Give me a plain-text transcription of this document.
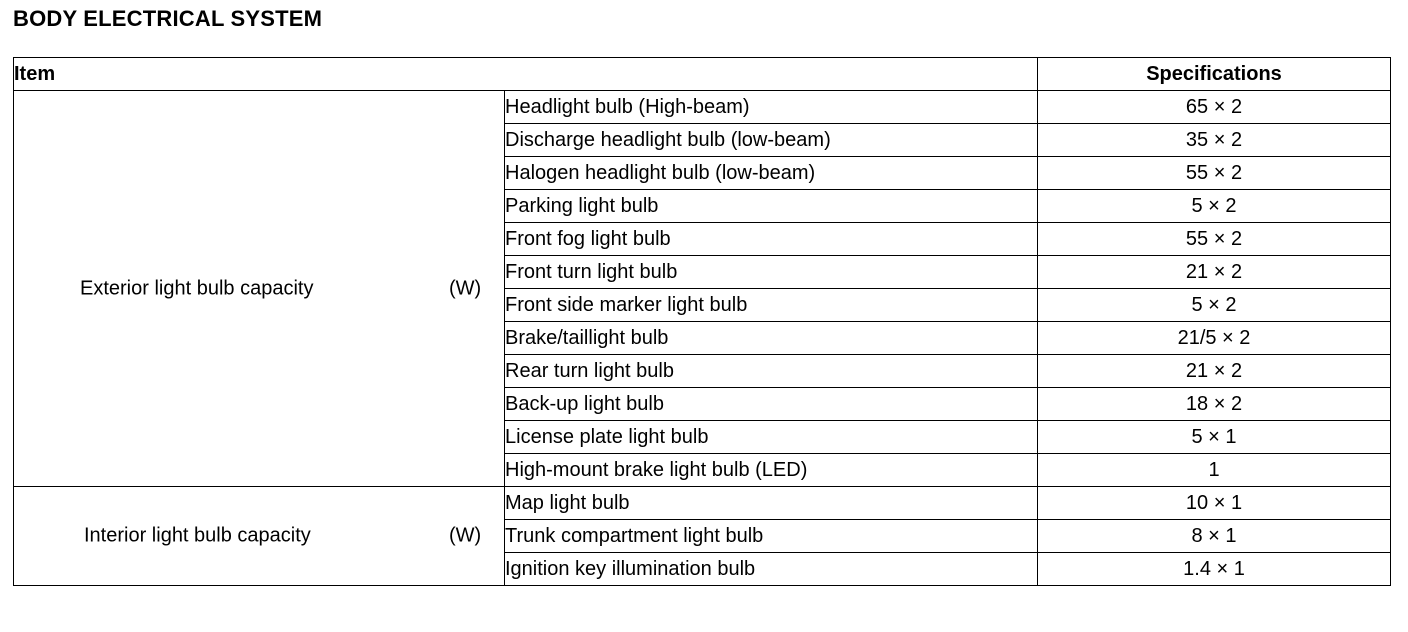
BODY ELECTRICAL SYSTEM
Item		Specifications

Exterior light bulb capacity (W)	Headlight bulb (High-beam)	65 × 2
	Discharge headlight bulb (low-beam)	35 × 2
	Halogen headlight bulb (low-beam)	55 × 2
	Parking light bulb	5 × 2
	Front fog light bulb	55 × 2
	Front turn light bulb	21 × 2
	Front side marker light bulb	5 × 2
	Brake/taillight bulb	21/5 × 2
	Rear turn light bulb	21 × 2
	Back-up light bulb	18 × 2
	License plate light bulb	5 × 1
	High-mount brake light bulb (LED)	1

Interior light bulb capacity (W)	Map light bulb	10 × 1
	Trunk compartment light bulb	8 × 1
	Ignition key illumination bulb	1.4 × 1
